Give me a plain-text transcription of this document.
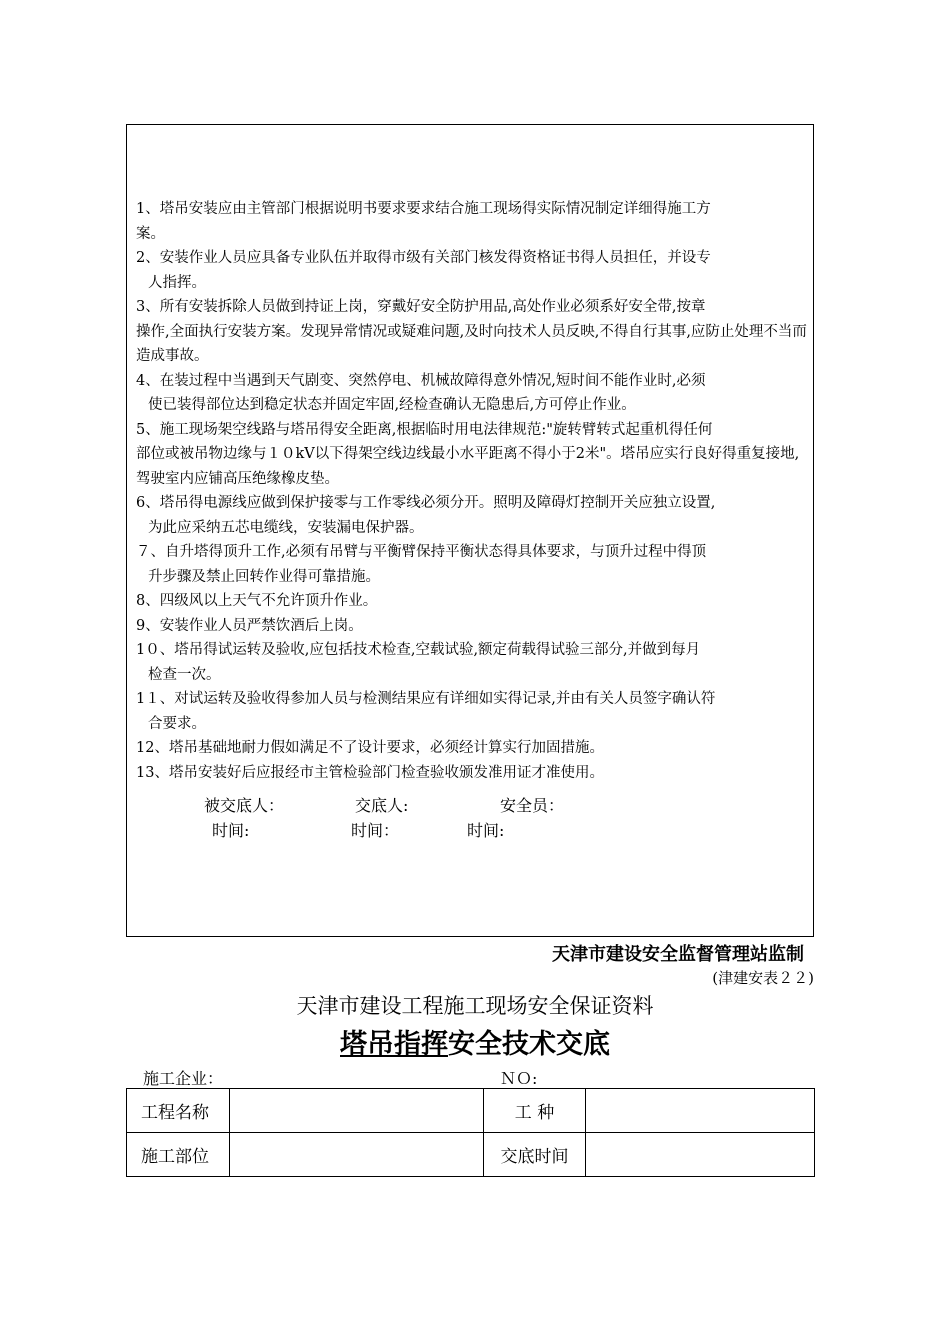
1、塔吊安装应由主管部门根据说明书要求要求结合施工现场得实际情况制定详细得施工方
案。
2、安装作业人员应具备专业队伍并取得市级有关部门核发得资格证书得人员担任，并设专
人指挥。
3、所有安装拆除人员做到持证上岗，穿戴好安全防护用品,高处作业必须系好安全带,按章
操作,全面执行安装方案。发现异常情况或疑难问题,及时向技术人员反映,不得自行其事,应防止处理不当而造成事故。
4、在装过程中当遇到天气剧变、突然停电、机械故障得意外情况,短时间不能作业时,必须
使已装得部位达到稳定状态并固定牢固,经检查确认无隐患后,方可停止作业。
5、施工现场架空线路与塔吊得安全距离,根据临时用电法律规范:"旋转臂转式起重机得任何
部位或被吊物边缘与１０kV以下得架空线边线最小水平距离不得小于2米"。塔吊应实行良好得重复接地,驾驶室内应铺高压绝缘橡皮垫。
6、塔吊得电源线应做到保护接零与工作零线必须分开。照明及障碍灯控制开关应独立设置,
为此应采纳五芯电缆线，安装漏电保护器。
７、自升塔得顶升工作,必须有吊臂与平衡臂保持平衡状态得具体要求，与顶升过程中得顶
升步骤及禁止回转作业得可靠措施。
8、四级风以上天气不允许顶升作业。
9、安装作业人员严禁饮酒后上岗。
1０、塔吊得试运转及验收,应包括技术检查,空载试验,额定荷载得试验三部分,并做到每月
检查一次。
1１、对试运转及验收得参加人员与检测结果应有详细如实得记录,并由有关人员签字确认符
合要求。
12、塔吊基础地耐力假如满足不了设计要求，必须经计算实行加固措施。
13、塔吊安装好后应报经市主管检验部门检查验收颁发准用证才准使用。
被交底人：	交底人:	安全员：
时间:	时间：	时间:
天津市建设安全监督管理站监制
(津建安表２２)
天津市建设工程施工现场安全保证资料
塔吊指挥安全技术交底
施工企业：	ＮＯ:
工程名称		工 种	
施工部位		交底时间	
